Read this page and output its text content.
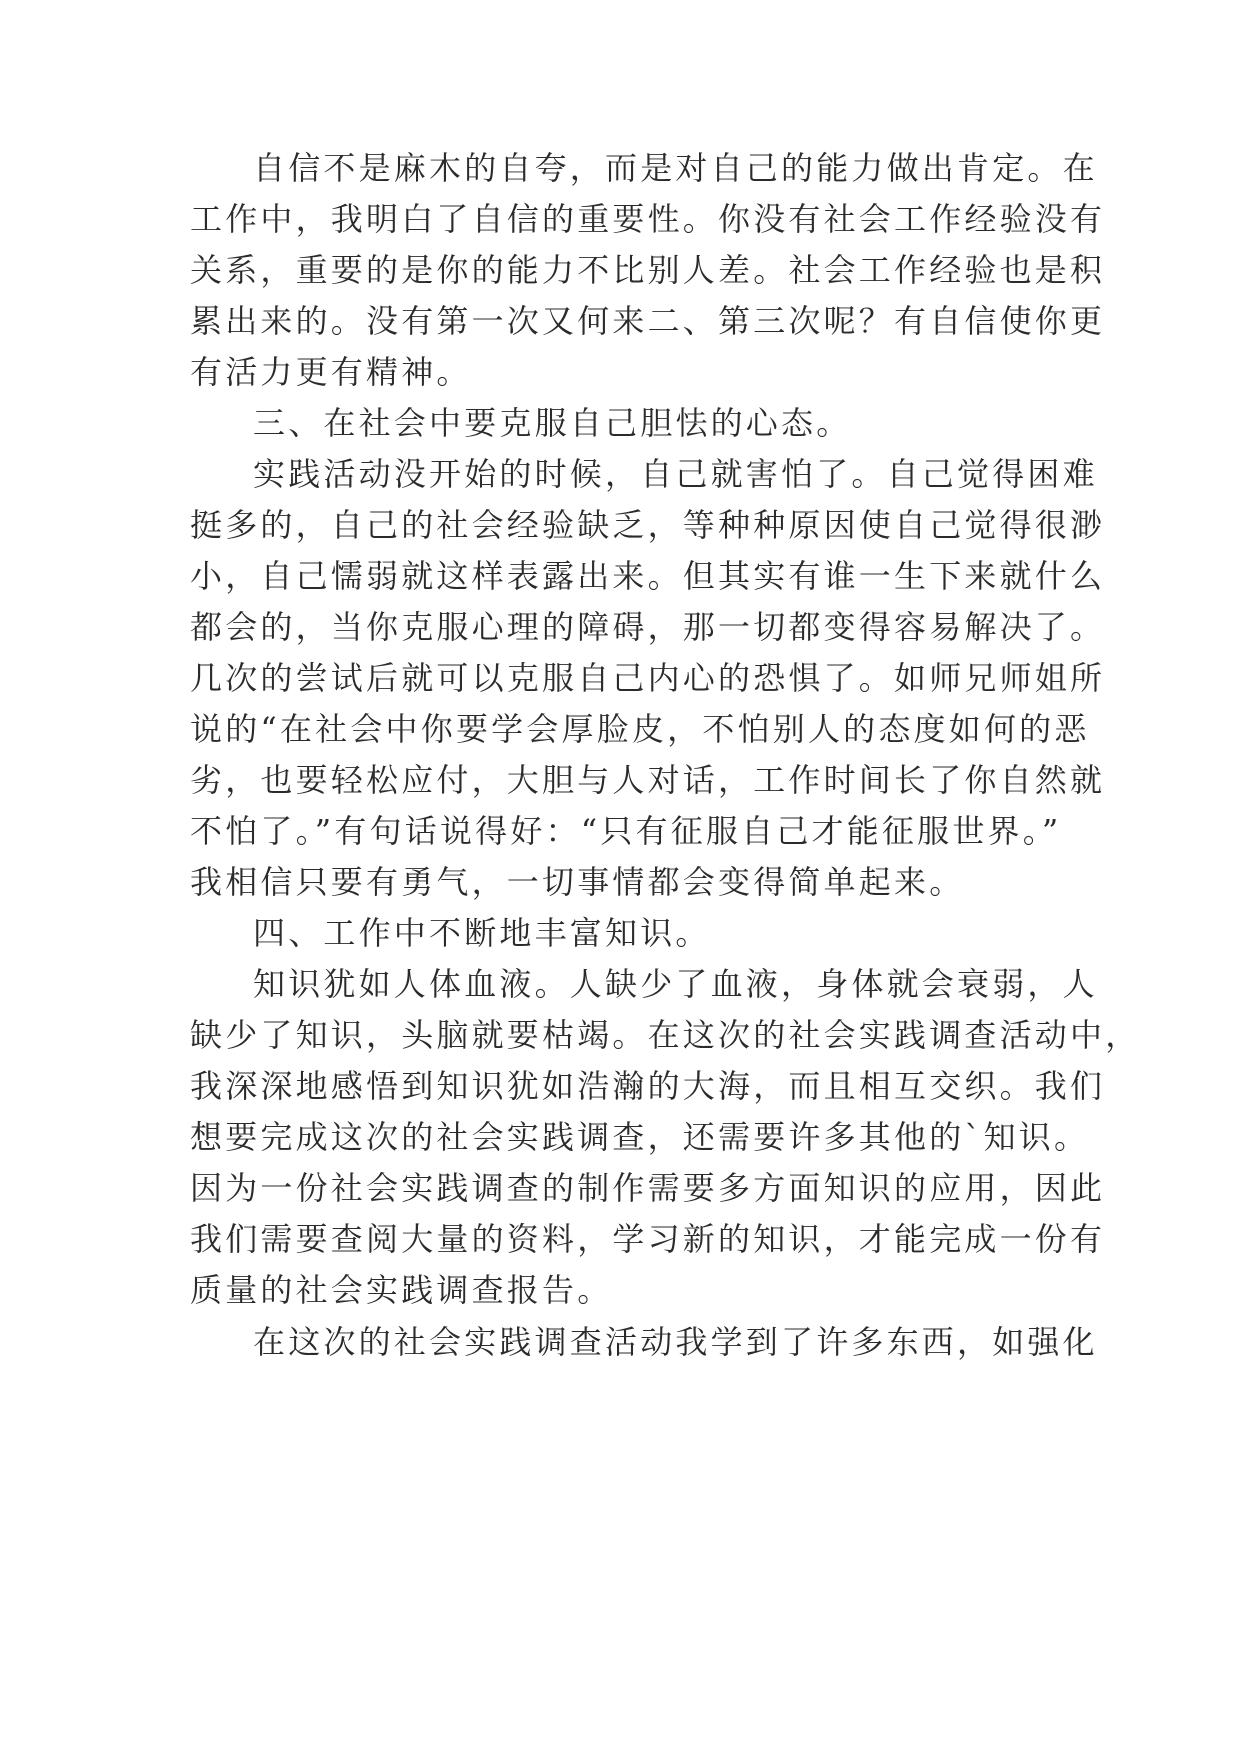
自信不是麻木的自夸，而是对自己的能力做出肯定。在

工作中，我明白了自信的重要性。你没有社会工作经验没有

关系，重要的是你的能力不比别人差。社会工作经验也是积

累出来的。没有第一次又何来二、第三次呢？有自信使你更

有活力更有精神。

三、在社会中要克服自己胆怯的心态。

实践活动没开始的时候，自己就害怕了。自己觉得困难

挺多的，自己的社会经验缺乏，等种种原因使自己觉得很渺

小，自己懦弱就这样表露出来。但其实有谁一生下来就什么

都会的，当你克服心理的障碍，那一切都变得容易解决了。

几次的尝试后就可以克服自己内心的恐惧了。如师兄师姐所

说的“在社会中你要学会厚脸皮，不怕别人的态度如何的恶

劣，也要轻松应付，大胆与人对话，工作时间长了你自然就

不怕了。”有句话说得好：“只有征服自己才能征服世界。”

我相信只要有勇气，一切事情都会变得简单起来。

四、工作中不断地丰富知识。

知识犹如人体血液。人缺少了血液，身体就会衰弱，人

缺少了知识，头脑就要枯竭。在这次的社会实践调查活动中，

我深深地感悟到知识犹如浩瀚的大海，而且相互交织。我们

想要完成这次的社会实践调查，还需要许多其他的`知识。

因为一份社会实践调查的制作需要多方面知识的应用，因此

我们需要查阅大量的资料，学习新的知识，才能完成一份有

质量的社会实践调查报告。

在这次的社会实践调查活动我学到了许多东西，如强化
